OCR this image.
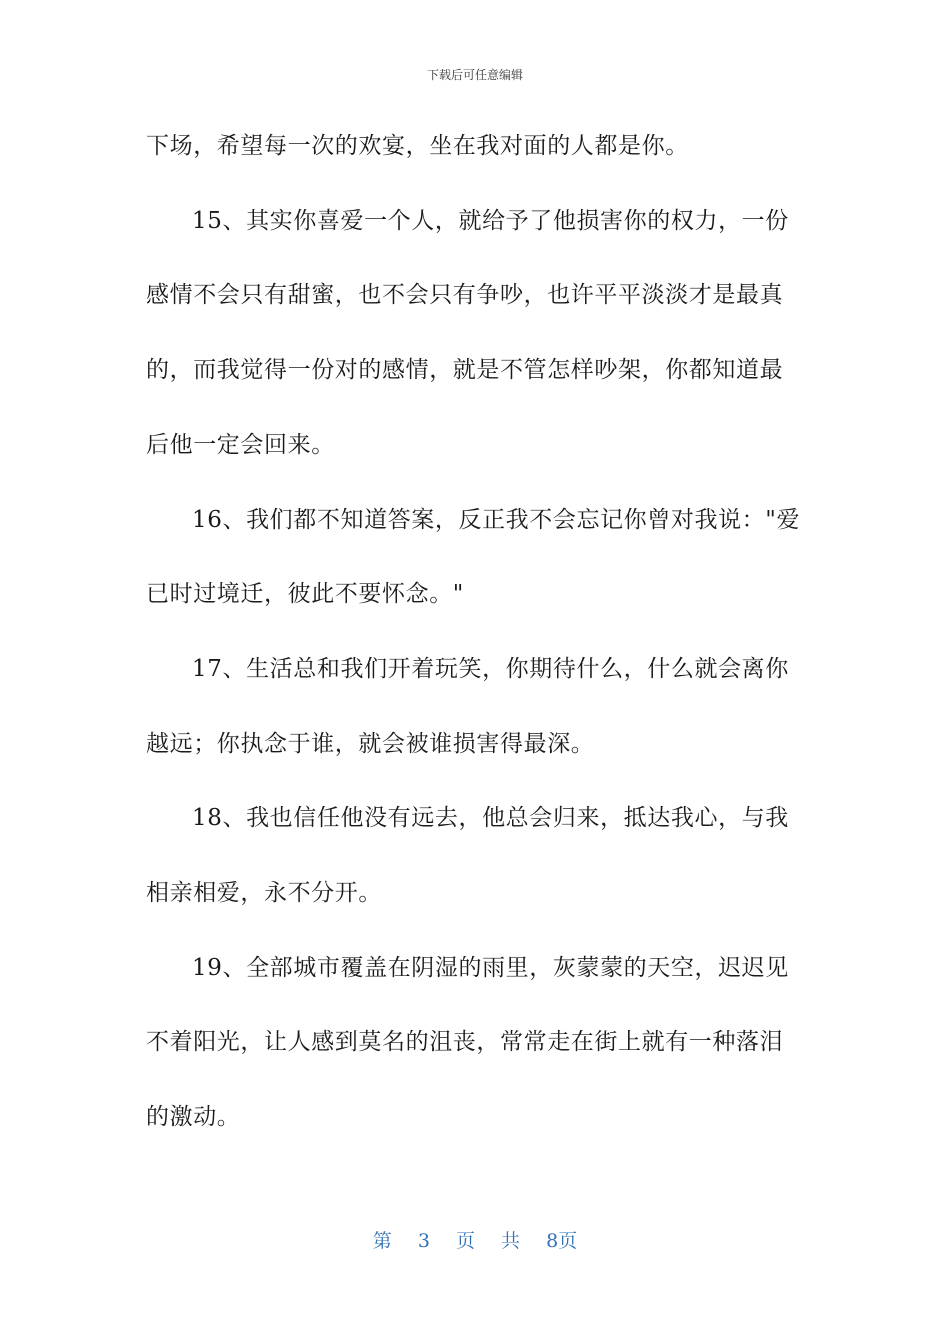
下载后可任意编辑

下场，希望每一次的欢宴，坐在我对面的人都是你。

15、其实你喜爱一个人，就给予了他损害你的权力，一份

感情不会只有甜蜜，也不会只有争吵，也许平平淡淡才是最真

的，而我觉得一份对的感情，就是不管怎样吵架，你都知道最

后他一定会回来。

16、我们都不知道答案，反正我不会忘记你曾对我说："爱

已时过境迁，彼此不要怀念。"

17、生活总和我们开着玩笑，你期待什么，什么就会离你

越远；你执念于谁，就会被谁损害得最深。

18、我也信任他没有远去，他总会归来，抵达我心，与我

相亲相爱，永不分开。

19、全部城市覆盖在阴湿的雨里，灰蒙蒙的天空，迟迟见

不着阳光，让人感到莫名的沮丧，常常走在街上就有一种落泪

的激动。

第 3 页 共 8页
